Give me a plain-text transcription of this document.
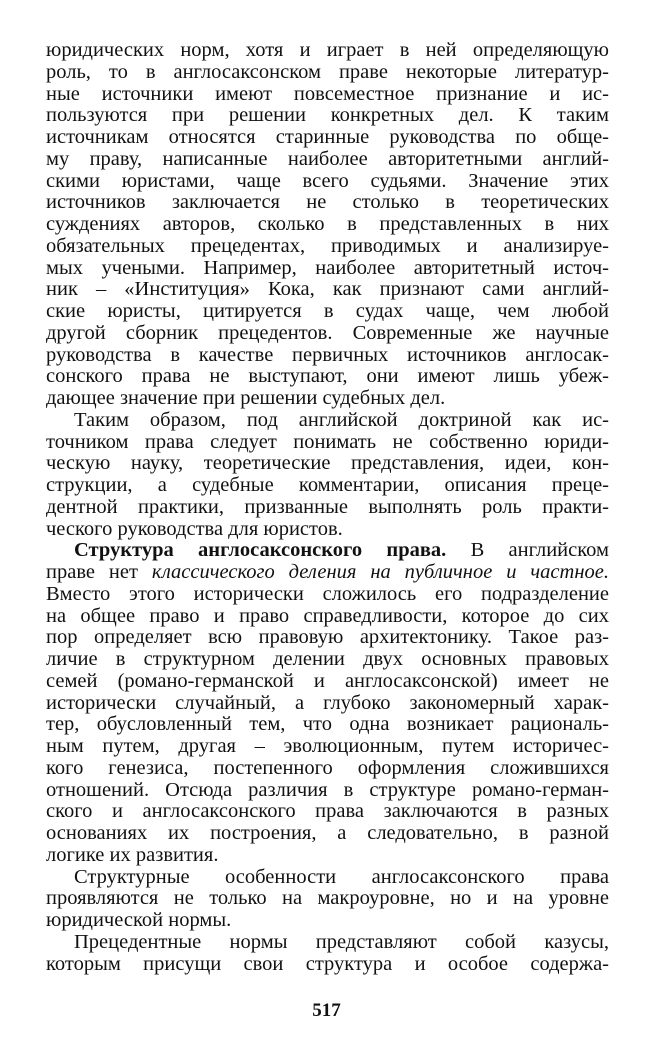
юридических норм, хотя и играет в ней определяющую
роль, то в англосаксонском праве некоторые литератур-
ные источники имеют повсеместное признание и ис-
пользуются при решении конкретных дел. К таким
источникам относятся старинные руководства по обще-
му праву, написанные наиболее авторитетными англий-
скими юристами, чаще всего судьями. Значение этих
источников заключается не столько в теоретических
суждениях авторов, сколько в представленных в них
обязательных прецедентах, приводимых и анализируе-
мых учеными. Например, наиболее авторитетный источ-
ник – «Институция» Кока, как признают сами англий-
ские юристы, цитируется в судах чаще, чем любой
другой сборник прецедентов. Современные же научные
руководства в качестве первичных источников англосак-
сонского права не выступают, они имеют лишь убеж-
дающее значение при решении судебных дел.
Таким образом, под английской доктриной как ис-
точником права следует понимать не собственно юриди-
ческую науку, теоретические представления, идеи, кон-
струкции, а судебные комментарии, описания преце-
дентной практики, призванные выполнять роль практи-
ческого руководства для юристов.
Структура англосаксонского права. В английском
праве нет классического деления на публичное и частное.
Вместо этого исторически сложилось его подразделение
на общее право и право справедливости, которое до сих
пор определяет всю правовую архитектонику. Такое раз-
личие в структурном делении двух основных правовых
семей (романо-германской и англосаксонской) имеет не
исторически случайный, а глубоко закономерный харак-
тер, обусловленный тем, что одна возникает рациональ-
ным путем, другая – эволюционным, путем историчес-
кого генезиса, постепенного оформления сложившихся
отношений. Отсюда различия в структуре романо-герман-
ского и англосаксонского права заключаются в разных
основаниях их построения, а следовательно, в разной
логике их развития.
Структурные особенности англосаксонского права
проявляются не только на макроуровне, но и на уровне
юридической нормы.
Прецедентные нормы представляют собой казусы,
которым присущи свои структура и особое содержа-
517
